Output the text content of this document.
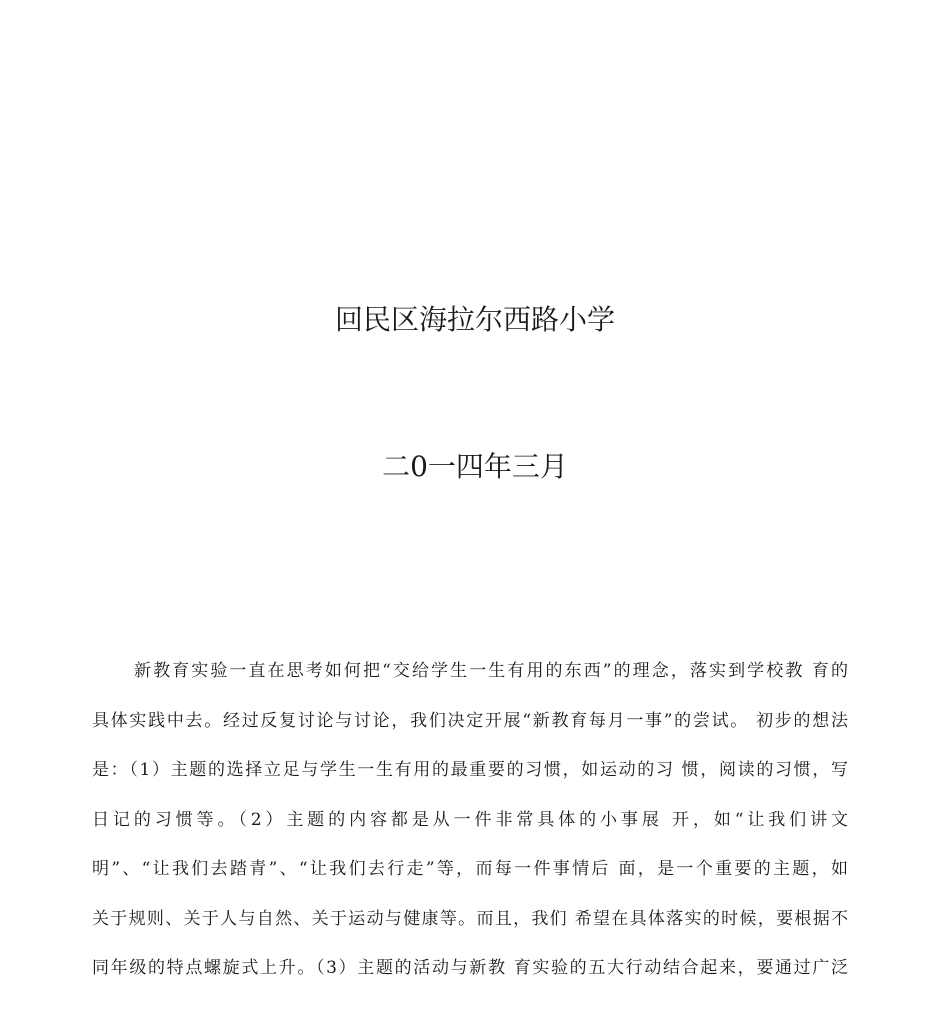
回民区海拉尔西路小学
二0一四年三月
新教育实验一直在思考如何把“交给学生一生有用的东西”的理念，落实到学校教 育的
具体实践中去。经过反复讨论与讨论，我们决定开展“新教育每月一事”的尝试。 初步的想法
是：（1）主题的选择立足与学生一生有用的最重要的习惯，如运动的习 惯，阅读的习惯，写
日记的习惯等。（2）主题的内容都是从一件非常具体的小事展 开，如“让我们讲文
明”、“让我们去踏青”、“让我们去行走”等，而每一件事情后 面，是一个重要的主题，如
关于规则、关于人与自然、关于运动与健康等。而且，我们 希望在具体落实的时候，要根据不
同年级的特点螺旋式上升。（3）主题的活动与新教 育实验的五大行动结合起来，要通过广泛
